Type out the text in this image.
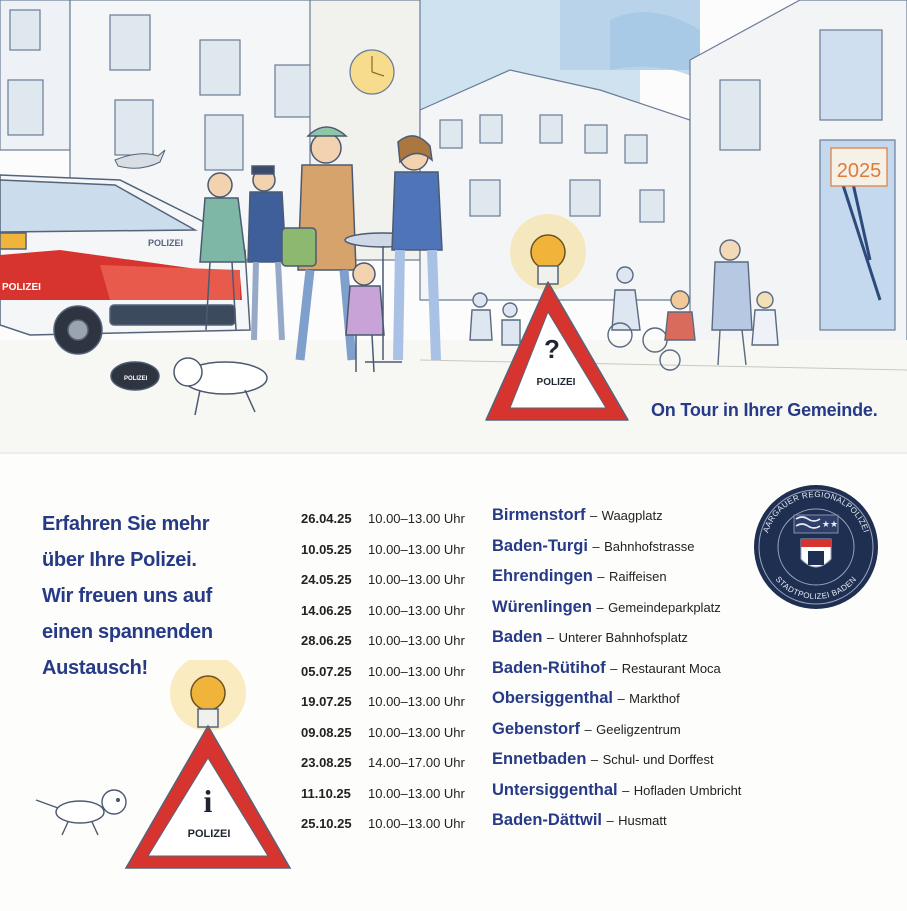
2025
POLIZEI
POLIZEI
POLIZEI
?
POLIZEI
On Tour in Ihrer Gemeinde.
Erfahren Sie mehr
über Ihre Polizei.
Wir freuen uns auf
einen spannenden
Austausch!
26.04.25 10.00–13.00 Uhr Birmenstorf – Waagplatz
10.05.25 10.00–13.00 Uhr Baden-Turgi – Bahnhofstrasse
24.05.25 10.00–13.00 Uhr Ehrendingen – Raiffeisen
14.06.25 10.00–13.00 Uhr Würenlingen – Gemeindeparkplatz
28.06.25 10.00–13.00 Uhr Baden – Unterer Bahnhofsplatz
05.07.25 10.00–13.00 Uhr Baden-Rütihof – Restaurant Moca
19.07.25 10.00–13.00 Uhr Obersiggenthal – Markthof
09.08.25 10.00–13.00 Uhr Gebenstorf – Geeligzentrum
23.08.25 14.00–17.00 Uhr Ennetbaden – Schul- und Dorffest
11.10.25 10.00–13.00 Uhr Untersiggenthal – Hofladen Umbricht
25.10.25 10.00–13.00 Uhr Baden-Dättwil – Husmatt
AARGAUER REGIONALPOLIZEI
STADTPOLIZEI BADEN
★★
i
POLIZEI
